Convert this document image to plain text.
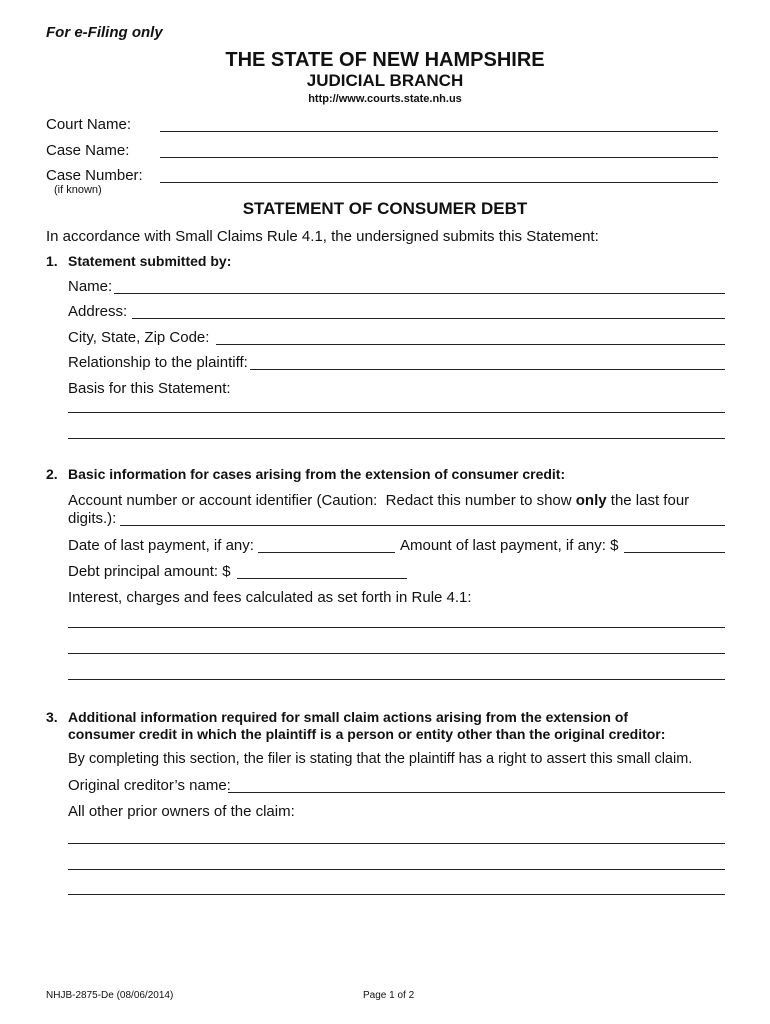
For e-Filing only
THE STATE OF NEW HAMPSHIRE
JUDICIAL BRANCH
http://www.courts.state.nh.us
Court Name:
Case Name:
Case Number:
(if known)
STATEMENT OF CONSUMER DEBT
In accordance with Small Claims Rule 4.1, the undersigned submits this Statement:
1. Statement submitted by:
Name:
Address:
City, State, Zip Code:
Relationship to the plaintiff:
Basis for this Statement:
2. Basic information for cases arising from the extension of consumer credit:
Account number or account identifier (Caution:  Redact this number to show only the last four
digits.):
Date of last payment, if any:	Amount of last payment, if any: $
Debt principal amount: $
Interest, charges and fees calculated as set forth in Rule 4.1:
3. Additional information required for small claim actions arising from the extension of
consumer credit in which the plaintiff is a person or entity other than the original creditor:
By completing this section, the filer is stating that the plaintiff has a right to assert this small claim.
Original creditor’s name:
All other prior owners of the claim:
NHJB-2875-De (08/06/2014)	Page 1 of 2
